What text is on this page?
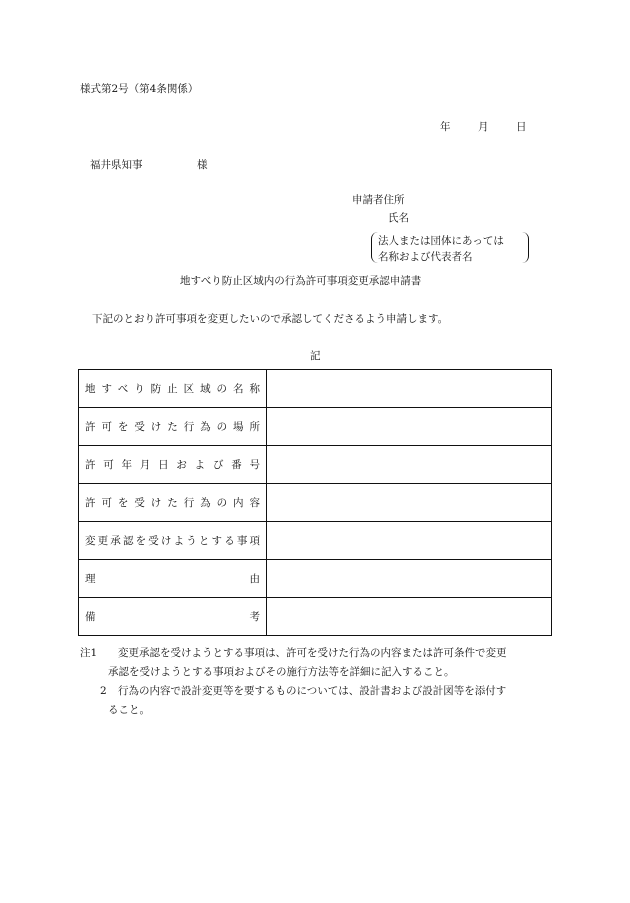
様式第2号（第4条関係）
年	月	日
福井県知事	様
申請者住所
氏名
法人または団体にあっては
名称および代表者名
地すべり防止区域内の行為許可事項変更承認申請書
下記のとおり許可事項を変更したいので承認してくださるよう申請します。
記
地すべり防止区域の名称	

許可を受けた行為の場所	

許可年月日および番号	

許可を受けた行為の内容	

変更承認を受けようとする事項	

理由	

備考	

注1	変更承認を受けようとする事項は、許可を受けた行為の内容または許可条件で変更
承認を受けようとする事項およびその施行方法等を詳細に記入すること。
2	行為の内容で設計変更等を要するものについては、設計書および設計図等を添付す
ること。
